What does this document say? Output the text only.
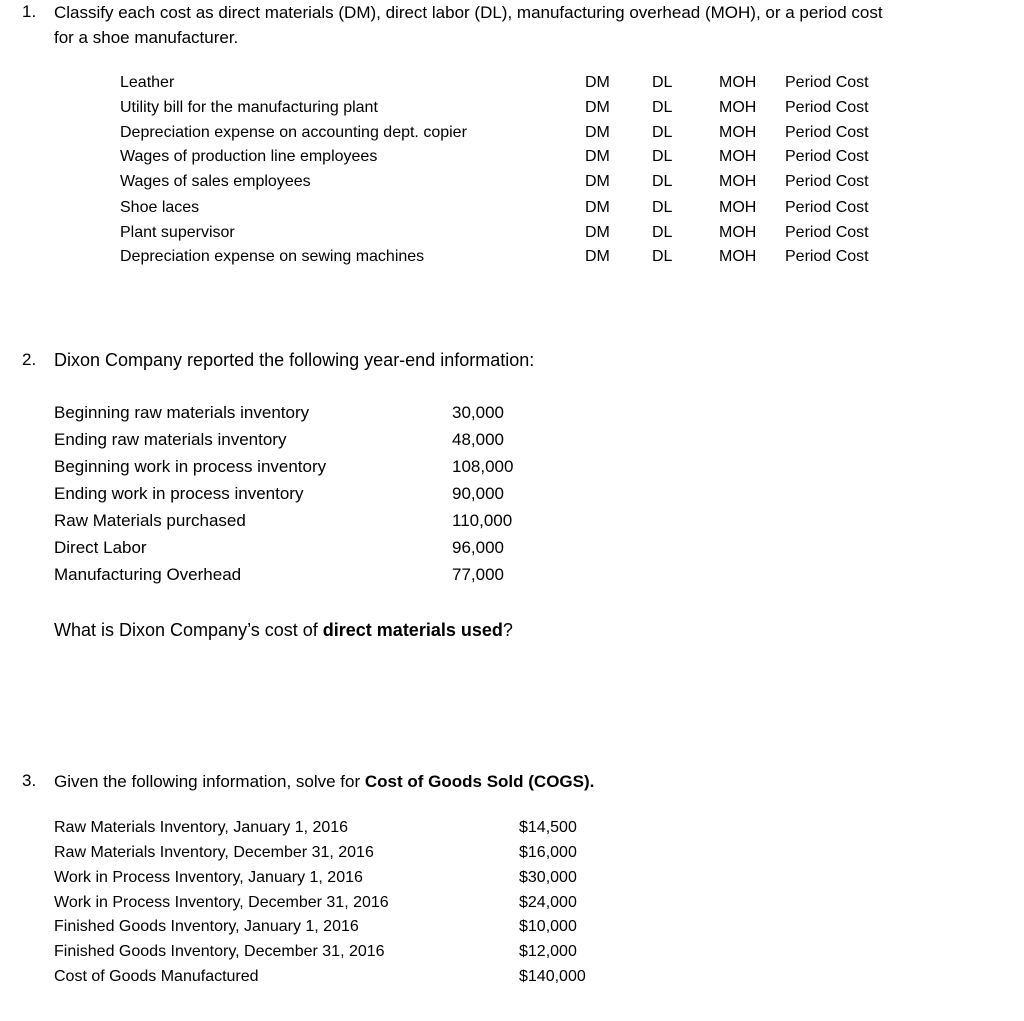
1. Classify each cost as direct materials (DM), direct labor (DL), manufacturing overhead (MOH), or a period cost
for a shoe manufacturer.
Leather	DM	DL	MOH Period Cost
Utility bill for the manufacturing plant	DM	DL	MOH Period Cost
Depreciation expense on accounting dept. copier	DM	DL	MOH Period Cost
Wages of production line employees	DM	DL	MOH Period Cost
Wages of sales employees	DM	DL	MOH Period Cost
Shoe laces	DM	DL	MOH Period Cost
Plant supervisor	DM	DL	MOH Period Cost
Depreciation expense on sewing machines	DM	DL	MOH Period Cost
2. Dixon Company reported the following year-end information:
Beginning raw materials inventory	30,000
Ending raw materials inventory	48,000
Beginning work in process inventory	108,000
Ending work in process inventory	90,000
Raw Materials purchased	110,000
Direct Labor	96,000
Manufacturing Overhead	77,000
What is Dixon Company’s cost of direct materials used?
3. Given the following information, solve for Cost of Goods Sold (COGS).
Raw Materials Inventory, January 1, 2016	$14,500
Raw Materials Inventory, December 31, 2016	$16,000
Work in Process Inventory, January 1, 2016	$30,000
Work in Process Inventory, December 31, 2016	$24,000
Finished Goods Inventory, January 1, 2016	$10,000
Finished Goods Inventory, December 31, 2016	$12,000
Cost of Goods Manufactured	$140,000
